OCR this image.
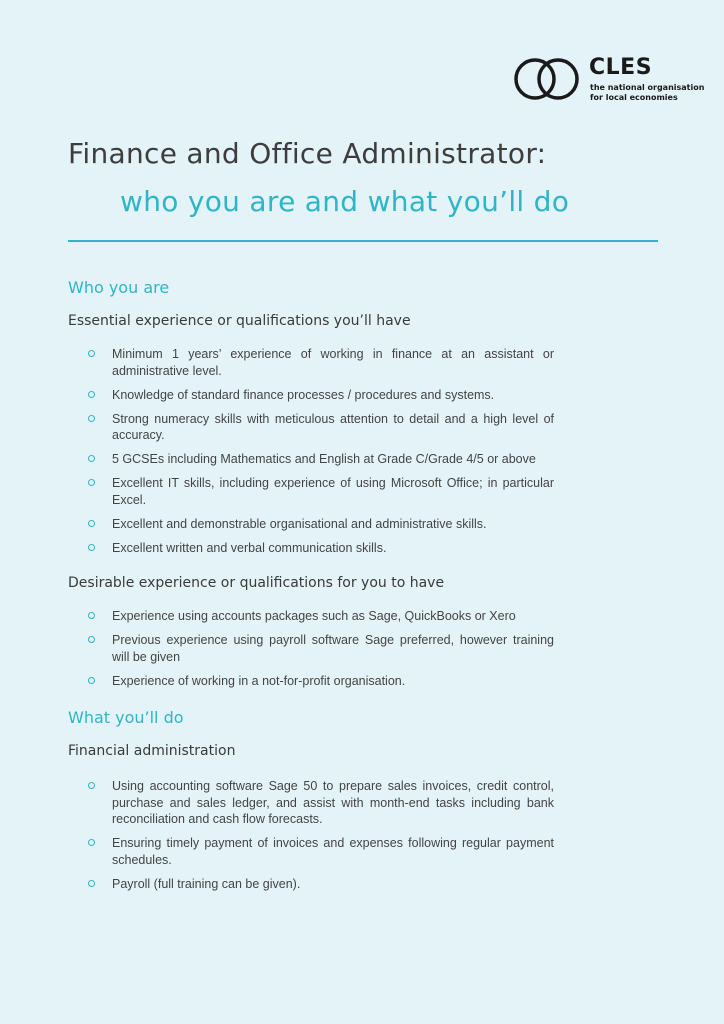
CLES
the national organisation for local economies
Finance and Office Administrator:
who you are and what you’ll do
Who you are
Essential experience or qualifications you’ll have
Minimum 1 years’ experience of working in finance at an assistant or administrative level.
Knowledge of standard finance processes / procedures and systems.
Strong numeracy skills with meticulous attention to detail and a high level of accuracy.
5 GCSEs including Mathematics and English at Grade C/Grade 4/5 or above
Excellent IT skills, including experience of using Microsoft Office; in particular Excel.
Excellent and demonstrable organisational and administrative skills.
Excellent written and verbal communication skills.
Desirable experience or qualifications for you to have
Experience using accounts packages such as Sage, QuickBooks or Xero
Previous experience using payroll software Sage preferred, however training will be given
Experience of working in a not-for-profit organisation.
What you’ll do
Financial administration
Using accounting software Sage 50 to prepare sales invoices, credit control, purchase and sales ledger, and assist with month-end tasks including bank reconciliation and cash flow forecasts.
Ensuring timely payment of invoices and expenses following regular payment schedules.
Payroll (full training can be given).
